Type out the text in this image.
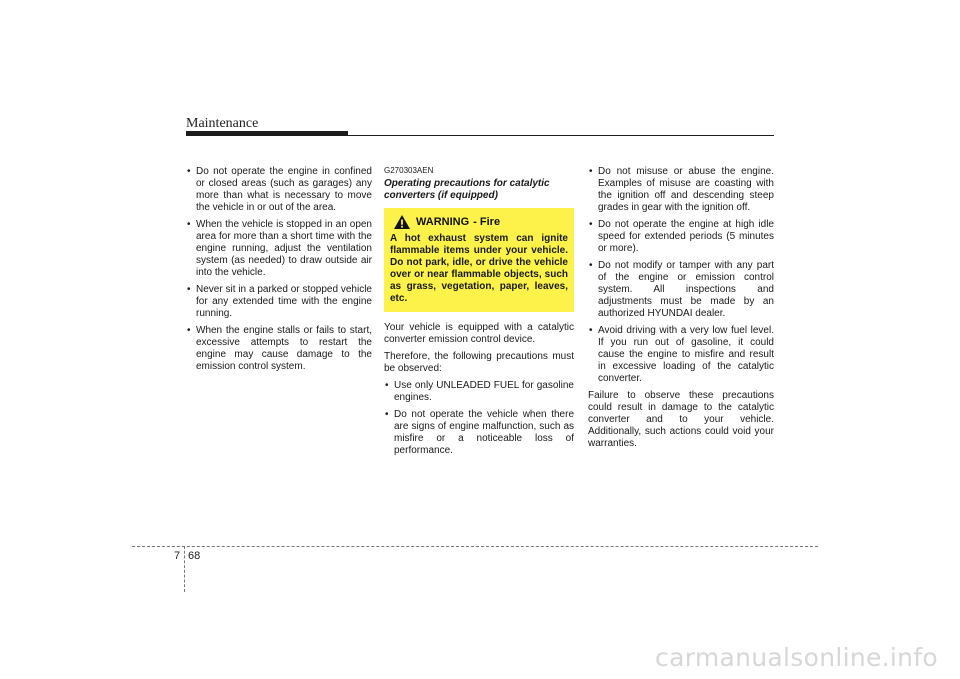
Maintenance
• Do not operate the engine in confined or closed areas (such as garages) any more than what is necessary to move the vehicle in or out of the area.
• When the vehicle is stopped in an open area for more than a short time with the engine running, adjust the ventilation system (as needed) to draw outside air into the vehicle.
• Never sit in a parked or stopped vehicle for any extended time with the engine running.
• When the engine stalls or fails to start, excessive attempts to restart the engine may cause damage to the emission control system.
G270303AEN
Operating precautions for catalytic converters (if equipped)
WARNING - Fire
A hot exhaust system can ignite flammable items under your vehicle. Do not park, idle, or drive the vehicle over or near flammable objects, such as grass, vegetation, paper, leaves, etc.

Your vehicle is equipped with a catalytic converter emission control device.

Therefore, the following precautions must be observed:

• Use only UNLEADED FUEL for gasoline engines.
• Do not operate the vehicle when there are signs of engine malfunction, such as misfire or a noticeable loss of performance.
• Do not misuse or abuse the engine. Examples of misuse are coasting with the ignition off and descending steep grades in gear with the ignition off.
• Do not operate the engine at high idle speed for extended periods (5 minutes or more).
• Do not modify or tamper with any part of the engine or emission control system. All inspections and adjustments must be made by an authorized HYUNDAI dealer.
• Avoid driving with a very low fuel level. If you run out of gasoline, it could cause the engine to misfire and result in excessive loading of the catalytic converter.

Failure to observe these precautions could result in damage to the catalytic converter and to your vehicle. Additionally, such actions could void your warranties.

7 68
carmanualsonline.info
